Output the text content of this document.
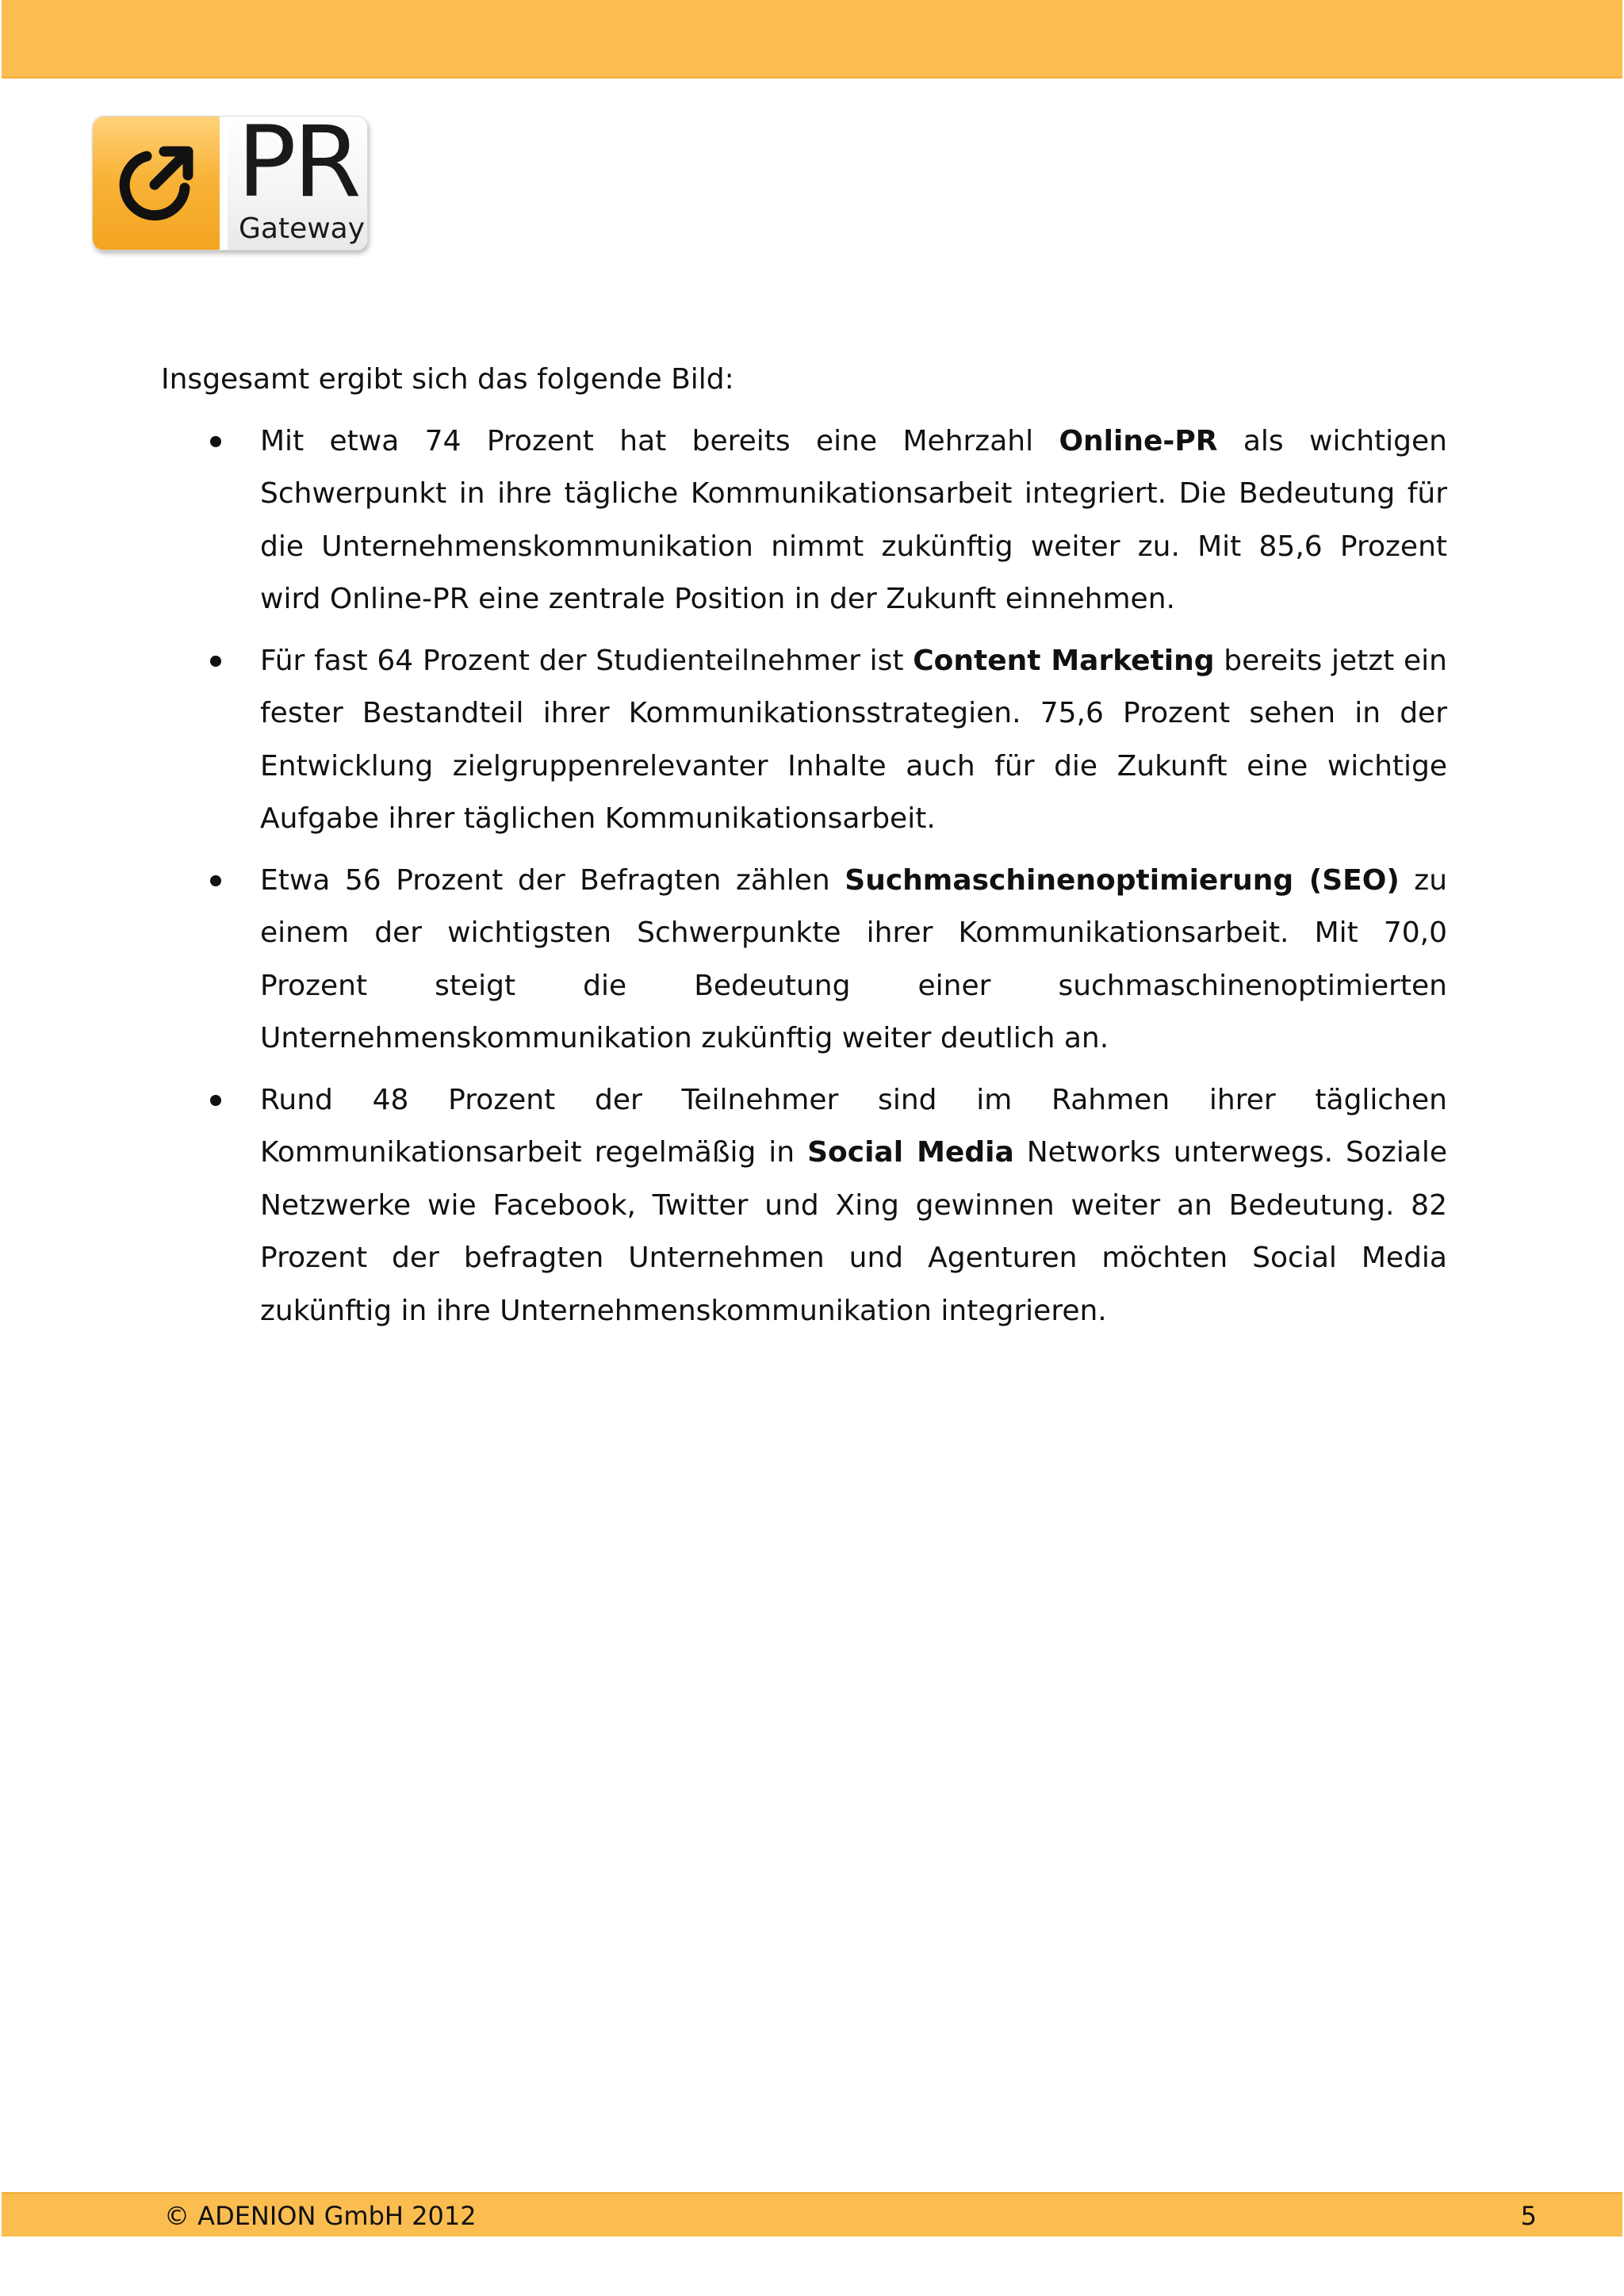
PR
Gateway

Insgesamt ergibt sich das folgende Bild:

Mit etwa 74 Prozent hat bereits eine Mehrzahl Online-PR als wichtigen Schwerpunkt in ihre tägliche Kommunikationsarbeit integriert. Die Bedeutung für die Unternehmenskommunikation nimmt zukünftig weiter zu. Mit 85,6 Prozent wird Online-PR eine zentrale Position in der Zukunft einnehmen.
Für fast 64 Prozent der Studienteilnehmer ist Content Marketing bereits jetzt ein fester Bestandteil ihrer Kommunikationsstrategien. 75,6 Prozent sehen in der Entwicklung zielgruppenrelevanter Inhalte auch für die Zukunft eine wichtige Aufgabe ihrer täglichen Kommunikationsarbeit.
Etwa 56 Prozent der Befragten zählen Suchmaschinenoptimierung (SEO) zu einem der wichtigsten Schwerpunkte ihrer Kommunikationsarbeit. Mit 70,0 Prozent steigt die Bedeutung einer suchmaschinenoptimierten Unternehmenskommunikation zukünftig weiter deutlich an.
Rund 48 Prozent der Teilnehmer sind im Rahmen ihrer täglichen Kommunikationsarbeit regelmäßig in Social Media Networks unterwegs. Soziale Netzwerke wie Facebook, Twitter und Xing gewinnen weiter an Bedeutung. 82 Prozent der befragten Unternehmen und Agenturen möchten Social Media zukünftig in ihre Unternehmenskommunikation integrieren.
© ADENION GmbH 2012	5
